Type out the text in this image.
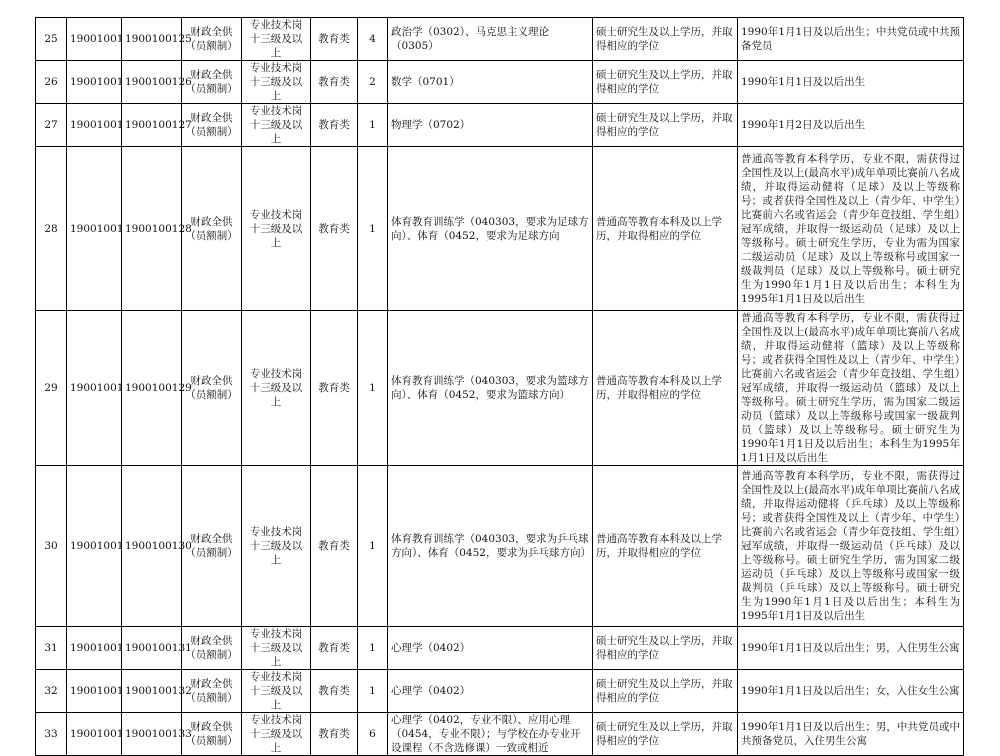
25	19001001	1900100125	财政全供（员额制）	专业技术岗十三级及以上	教育类	4	政治学（0302）、马克思主义理论（0305）	硕士研究生及以上学历，并取得相应的学位	1990年1月1日及以后出生；中共党员或中共预备党员
26	19001001	1900100126	财政全供（员额制）	专业技术岗十三级及以上	教育类	2	数学（0701）	硕士研究生及以上学历，并取得相应的学位	1990年1月1日及以后出生
27	19001001	1900100127	财政全供（员额制）	专业技术岗十三级及以上	教育类	1	物理学（0702）	硕士研究生及以上学历，并取得相应的学位	1990年1月2日及以后出生
28	19001001	1900100128	财政全供（员额制）	专业技术岗十三级及以上	教育类	1	体育教育训练学（040303，要求为足球方向）、体育（0452，要求为足球方向	普通高等教育本科及以上学历，并取得相应的学位	普通高等教育本科学历，专业不限，需获得过全国性及以上(最高水平)成年单项比赛前八名成绩，并取得运动健将（足球）及以上等级称号；或者获得全国性及以上（青少年、中学生）比赛前六名或省运会（青少年竞技组、学生组）冠军成绩，并取得一级运动员（足球）及以上等级称号。硕士研究生学历，专业为需为国家二级运动员（足球）及以上等级称号或国家一级裁判员（足球）及以上等级称号。硕士研究生为1990年1月1日及以后出生；本科生为1995年1月1日及以后出生
29	19001001	1900100129	财政全供（员额制）	专业技术岗十三级及以上	教育类	1	体育教育训练学（040303，要求为篮球方向）、体育（0452，要求为篮球方向）	普通高等教育本科及以上学历，并取得相应的学位	普通高等教育本科学历，专业不限，需获得过全国性及以上(最高水平)成年单项比赛前八名成绩，并取得运动健将（篮球）及以上等级称号；或者获得全国性及以上（青少年、中学生）比赛前六名或省运会（青少年竞技组、学生组）冠军成绩，并取得一级运动员（篮球）及以上等级称号。硕士研究生学历，需为国家二级运动员（篮球）及以上等级称号或国家一级裁判员（篮球）及以上等级称号。硕士研究生为1990年1月1日及以后出生；本科生为1995年1月1日及以后出生
30	19001001	1900100130	财政全供（员额制）	专业技术岗十三级及以上	教育类	1	体育教育训练学（040303，要求为乒乓球方向）、体育（0452，要求为乒乓球方向）	普通高等教育本科及以上学历，并取得相应的学位	普通高等教育本科学历，专业不限，需获得过全国性及以上(最高水平)成年单项比赛前八名成绩，并取得运动健将（乒乓球）及以上等级称号；或者获得全国性及以上（青少年、中学生）比赛前六名或省运会（青少年竞技组、学生组）冠军成绩，并取得一级运动员（乒乓球）及以上等级称号。硕士研究生学历，需为国家二级运动员（乒乓球）及以上等级称号或国家一级裁判员（乒乓球）及以上等级称号。硕士研究生为1990年1月1日及以后出生；本科生为1995年1月1日及以后出生
31	19001001	1900100131	财政全供（员额制）	专业技术岗十三级及以上	教育类	1	心理学（0402）	硕士研究生及以上学历，并取得相应的学位	1990年1月1日及以后出生；男，入住男生公寓
32	19001001	1900100132	财政全供（员额制）	专业技术岗十三级及以上	教育类	1	心理学（0402）	硕士研究生及以上学历，并取得相应的学位	1990年1月1日及以后出生；女，入住女生公寓
33	19001001	1900100133	财政全供（员额制）	专业技术岗十三级及以上	教育类	6	心理学（0402，专业不限）、应用心理（0454，专业不限）；与学校在办专业开设课程（不含选修课）一致或相近	硕士研究生及以上学历，并取得相应的学位	1990年1月1日及以后出生；男，中共党员或中共预备党员，入住男生公寓
